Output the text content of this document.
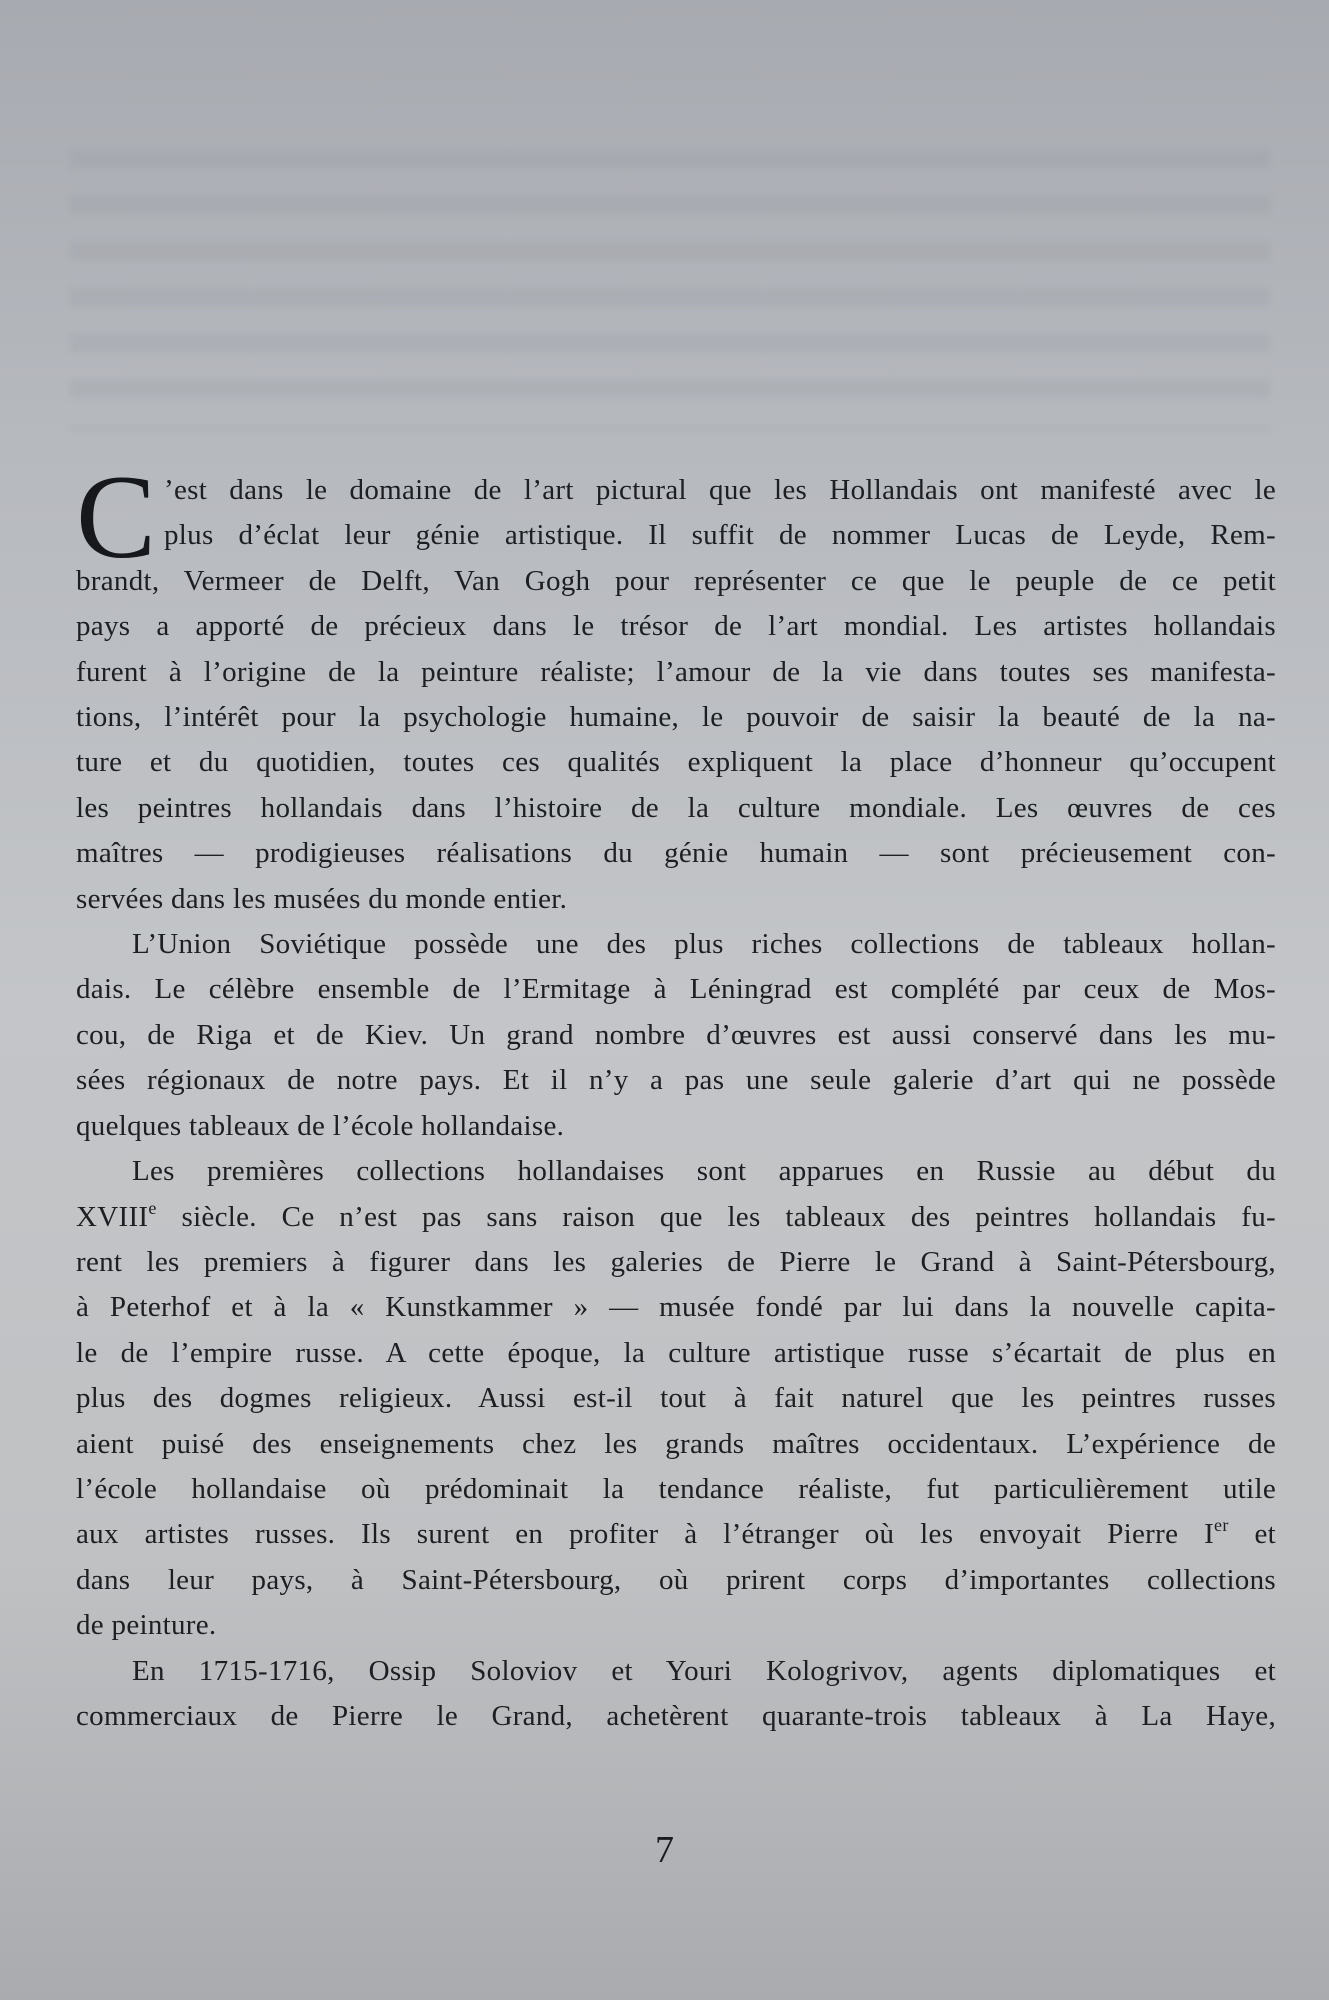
C ’est dans le domaine de l’art pictural que les Hollandais ont manifesté avec le
plus d’éclat leur génie artistique. Il suffit de nommer Lucas de Leyde, Rem-
brandt, Vermeer de Delft, Van Gogh pour représenter ce que le peuple de ce petit
pays a apporté de précieux dans le trésor de l’art mondial. Les artistes hollandais
furent à l’origine de la peinture réaliste; l’amour de la vie dans toutes ses manifesta-
tions, l’intérêt pour la psychologie humaine, le pouvoir de saisir la beauté de la na-
ture et du quotidien, toutes ces qualités expliquent la place d’honneur qu’occupent
les peintres hollandais dans l’histoire de la culture mondiale. Les œuvres de ces
maîtres — prodigieuses réalisations du génie humain — sont précieusement con-
servées dans les musées du monde entier.
L’Union Soviétique possède une des plus riches collections de tableaux hollan-
dais. Le célèbre ensemble de l’Ermitage à Léningrad est complété par ceux de Mos-
cou, de Riga et de Kiev. Un grand nombre d’œuvres est aussi conservé dans les mu-
sées régionaux de notre pays. Et il n’y a pas une seule galerie d’art qui ne possède
quelques tableaux de l’école hollandaise.
Les premières collections hollandaises sont apparues en Russie au début du
XVIIIe siècle. Ce n’est pas sans raison que les tableaux des peintres hollandais fu-
rent les premiers à figurer dans les galeries de Pierre le Grand à Saint-Pétersbourg,
à Peterhof et à la « Kunstkammer » — musée fondé par lui dans la nouvelle capita-
le de l’empire russe. A cette époque, la culture artistique russe s’écartait de plus en
plus des dogmes religieux. Aussi est-il tout à fait naturel que les peintres russes
aient puisé des enseignements chez les grands maîtres occidentaux. L’expérience de
l’école hollandaise où prédominait la tendance réaliste, fut particulièrement utile
aux artistes russes. Ils surent en profiter à l’étranger où les envoyait Pierre Ier et
dans leur pays, à Saint-Pétersbourg, où prirent corps d’importantes collections
de peinture.
En 1715-1716, Ossip Soloviov et Youri Kologrivov, agents diplomatiques et
commerciaux de Pierre le Grand, achetèrent quarante-trois tableaux à La Haye,
7
